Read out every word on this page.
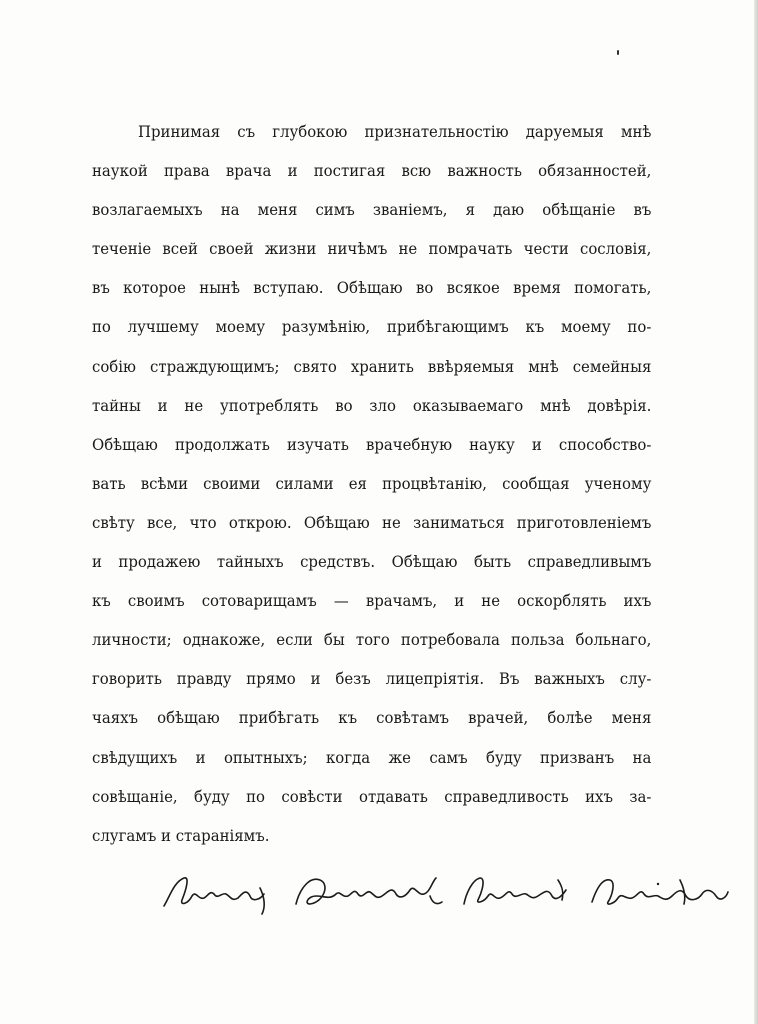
Принимая съ глубокою признательностію даруемыя мнѣ
наукой права врача и постигая всю важность обязанностей,
возлагаемыхъ на меня симъ званіемъ, я даю обѣщаніе въ
теченіе всей своей жизни ничѣмъ не помрачать чести сословія,
въ которое нынѣ вступаю. Обѣщаю во всякое время помогать,
по лучшему моему разумѣнію, прибѣгающимъ къ моему по-
собію страждующимъ; свято хранить ввѣряемыя мнѣ семейныя
тайны и не употреблять во зло оказываемаго мнѣ довѣрія.
Обѣщаю продолжать изучать врачебную науку и способство-
вать всѣми своими силами ея процвѣтанію, сообщая ученому
свѣту все, что открою. Обѣщаю не заниматься приготовленіемъ
и продажею тайныхъ средствъ. Обѣщаю быть справедливымъ
къ своимъ сотоварищамъ — врачамъ, и не оскорблять ихъ
личности; однакоже, если бы того потребовала польза больнаго,
говорить правду прямо и безъ лицепріятія. Въ важныхъ слу-
чаяхъ обѣщаю прибѣгать къ совѣтамъ врачей, болѣе меня
свѣдущихъ и опытныхъ; когда же самъ буду призванъ на
совѣщаніе, буду по совѣсти отдавать справедливость ихъ за-
слугамъ и стараніямъ.
